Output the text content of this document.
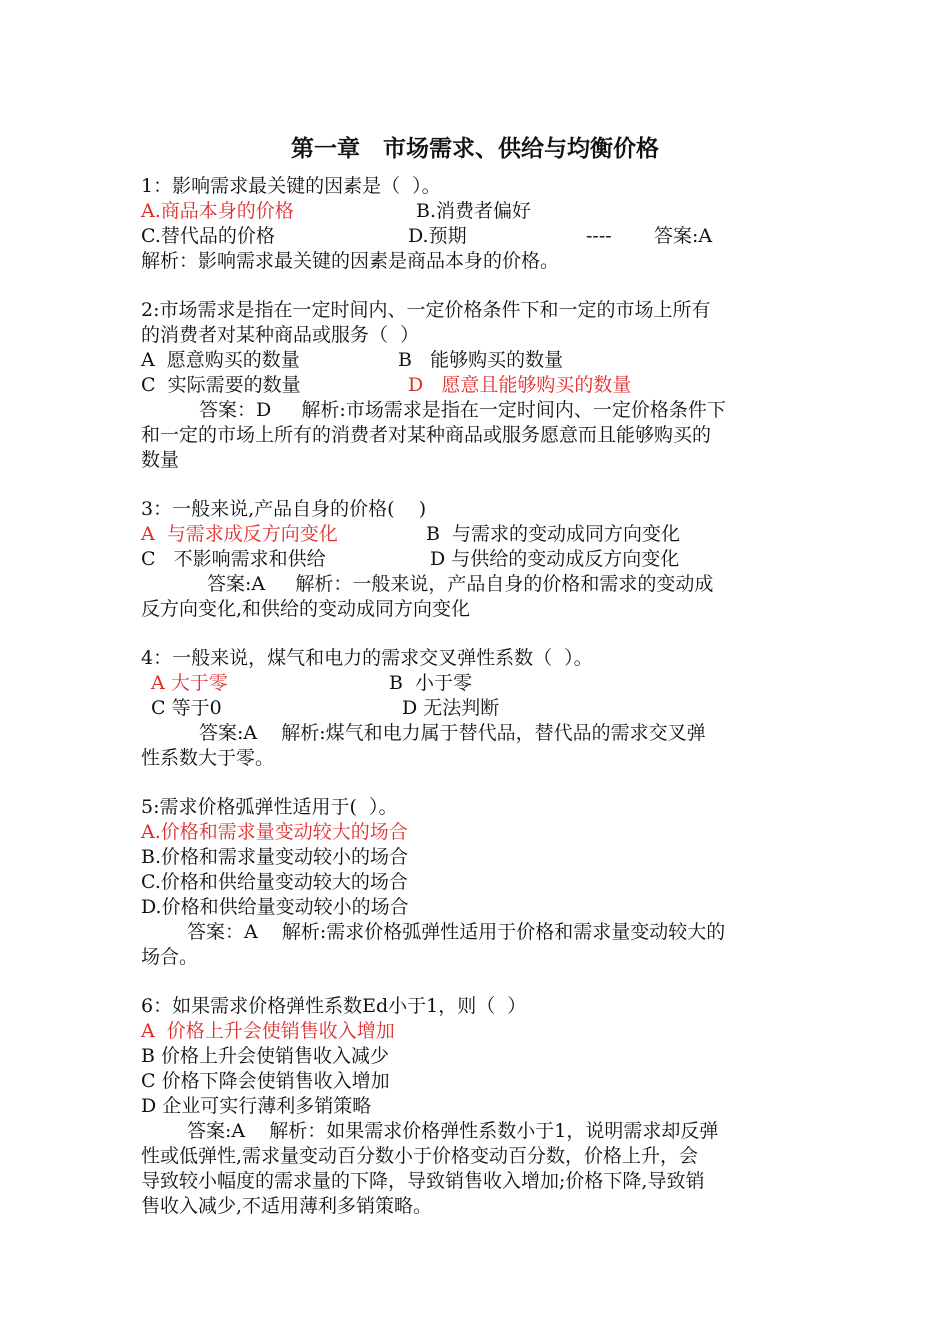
第一章　市场需求、供给与均衡价格
1：影响需求最关键的因素是（  ）。
A.商品本身的价格	B.消费者偏好
C.替代品的价格	D.预期	---- 答案:A
解析：影响需求最关键的因素是商品本身的价格。
2:市场需求是指在一定时间内、一定价格条件下和一定的市场上所有
的消费者对某种商品或服务（  ）
A  愿意购买的数量	B   能够购买的数量
C  实际需要的数量	D   愿意且能够购买的数量
答案：D     解析:市场需求是指在一定时间内、一定价格条件下
和一定的市场上所有的消费者对某种商品或服务愿意而且能够购买的
数量
3：一般来说,产品自身的价格(    )
A  与需求成反方向变化	B  与需求的变动成同方向变化
C   不影响需求和供给	D 与供给的变动成反方向变化
答案:A     解析：一般来说，产品自身的价格和需求的变动成
反方向变化,和供给的变动成同方向变化
4：一般来说，煤气和电力的需求交叉弹性系数（  ）。
A 大于零	B  小于零
C 等于0	D 无法判断
答案:A    解析:煤气和电力属于替代品，替代品的需求交叉弹
性系数大于零。
5:需求价格弧弹性适用于(  ）。
A.价格和需求量变动较大的场合
B.价格和需求量变动较小的场合
C.价格和供给量变动较大的场合
D.价格和供给量变动较小的场合
答案：A    解析:需求价格弧弹性适用于价格和需求量变动较大的
场合。
6：如果需求价格弹性系数Ed小于1，则（  ）
A  价格上升会使销售收入增加
B 价格上升会使销售收入减少
C 价格下降会使销售收入增加
D 企业可实行薄利多销策略
答案:A    解析：如果需求价格弹性系数小于1，说明需求却反弹
性或低弹性,需求量变动百分数小于价格变动百分数，价格上升，会
导致较小幅度的需求量的下降，导致销售收入增加;价格下降,导致销
售收入减少,不适用薄利多销策略。
